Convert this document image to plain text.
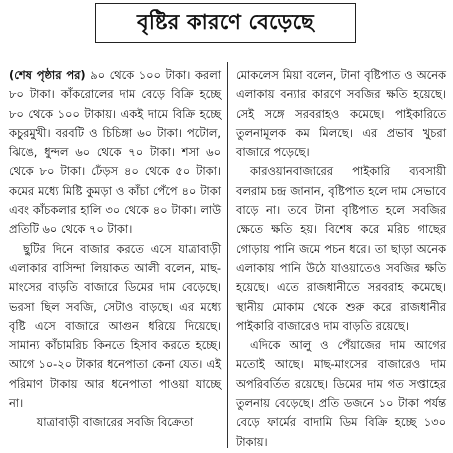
বৃষ্টির কারণে বেড়েছে

(শেষ পৃষ্ঠার পর) ৯০ থেকে ১০০ টাকা। করলা ৮০ টাকা। কাঁকরোলের দাম বেড়ে বিক্রি হচ্ছে ৮০ থেকে ১০০ টাকায়। একই দামে বিক্রি হচ্ছে কচুরমুখী। বরবটি ও চিচিঙ্গা ৬০ টাকা। পটোল, ঝিঙে, ধুন্দল ৬০ থেকে ৭০ টাকা। শসা ৬০ থেকে ৮০ টাকা। ঢেঁড়স ৪০ থেকে ৫০ টাকা। কমের মধ্যে মিষ্টি কুমড়া ও কাঁচা পেঁপে ৪০ টাকা এবং কাঁচকলার হালি ৩০ থেকে ৪০ টাকা। লাউ প্রতিটি ৬০ থেকে ৭০ টাকা।

ছুটির দিনে বাজার করতে এসে যাত্রাবাড়ী এলাকার বাসিন্দা লিয়াকত আলী বলেন, মাছ-মাংসের বাড়তি বাজারে ডিমের দাম বেড়েছে। ভরসা ছিল সবজি, সেটাও বাড়ছে। এর মধ্যে বৃষ্টি এসে বাজারে আগুন ধরিয়ে দিয়েছে। সামান্য কাঁচামরিচ কিনতে হিসাব করতে হচ্ছে। আগে ১০-২০ টাকার ধনেপাতা কেনা যেত। এই পরিমাণ টাকায় আর ধনেপাতা পাওয়া যাচ্ছে না।

যাত্রাবাড়ী বাজারের সবজি বিক্রেতা

মোকলেস মিয়া বলেন, টানা বৃষ্টিপাত ও অনেক এলাকায় বন্যার কারণে সবজির ক্ষতি হয়েছে। সেই সঙ্গে সরবরাহও কমেছে। পাইকারিতে তুলনামূলক কম মিলছে। এর প্রভাব খুচরা বাজারে পড়েছে।

কারওয়ানবাজারের পাইকারি ব্যবসায়ী বলরাম চন্দ্র জানান, বৃষ্টিপাত হলে দাম সেভাবে বাড়ে না। তবে টানা বৃষ্টিপাত হলে সবজির ক্ষেতে ক্ষতি হয়। বিশেষ করে মরিচ গাছের গোড়ায় পানি জমে পচন ধরে। তা ছাড়া অনেক এলাকায় পানি উঠে যাওয়াতেও সবজির ক্ষতি হয়েছে। এতে রাজধানীতে সরবরাহ কমেছে। স্থানীয় মোকাম থেকে শুরু করে রাজধানীর পাইকারি বাজারেও দাম বাড়তি রয়েছে।

এদিকে আলু ও পেঁয়াজের দাম আগের মতোই আছে। মাছ-মাংসের বাজারেও দাম অপরিবর্তিত রয়েছে। ডিমের দাম গত সপ্তাহের তুলনায় বেড়েছে। প্রতি ডজনে ১০ টাকা পর্যন্ত বেড়ে ফার্মের বাদামি ডিম বিক্রি হচ্ছে ১৩০ টাকায়।
